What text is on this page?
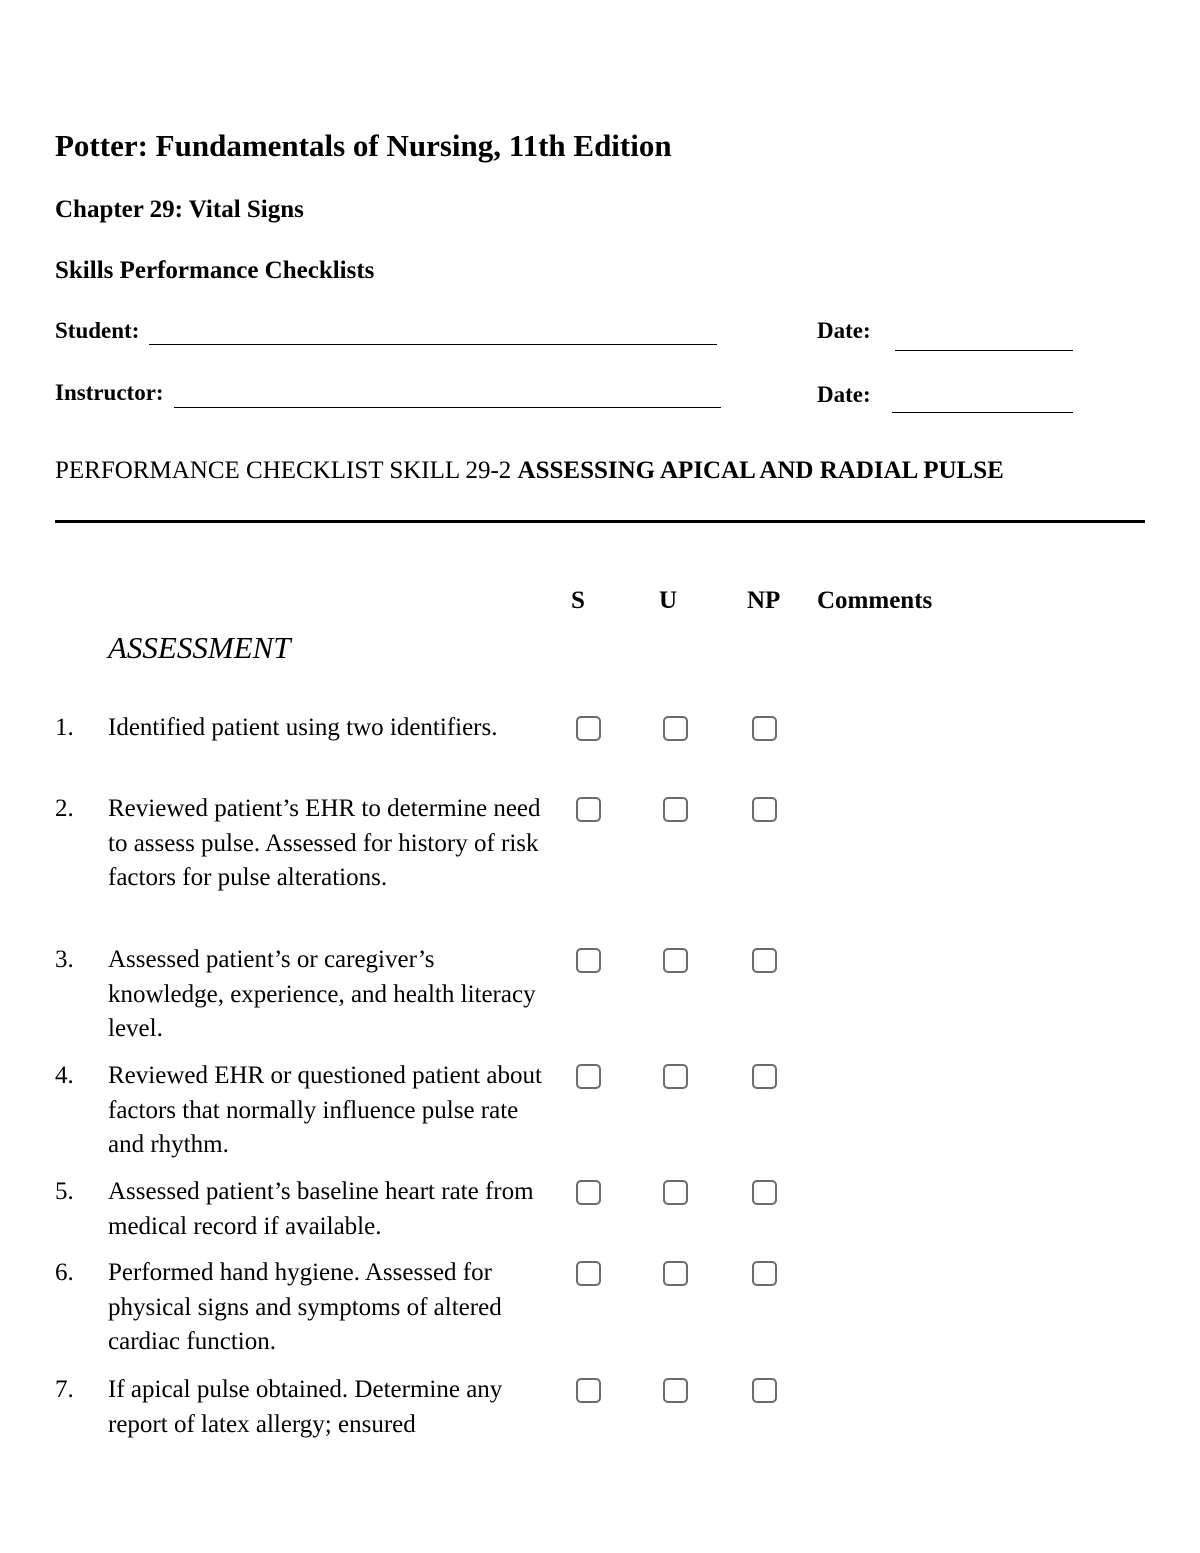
Potter: Fundamentals of Nursing, 11th Edition
Chapter 29: Vital Signs
Skills Performance Checklists
Student:	Date:
Instructor:	Date:
PERFORMANCE CHECKLIST SKILL 29-2 ASSESSING APICAL AND RADIAL PULSE
S	U	NP Comments
ASSESSMENT
1. Identified patient using two identifiers.
2. Reviewed patient’s EHR to determine need to assess pulse. Assessed for history of risk factors for pulse alterations.
3. Assessed patient’s or caregiver’s knowledge, experience, and health literacy level.
4. Reviewed EHR or questioned patient about factors that normally influence pulse rate and rhythm.
5. Assessed patient’s baseline heart rate from medical record if available.
6. Performed hand hygiene. Assessed for physical signs and symptoms of altered cardiac function.
7. If apical pulse obtained. Determine any report of latex allergy; ensured
